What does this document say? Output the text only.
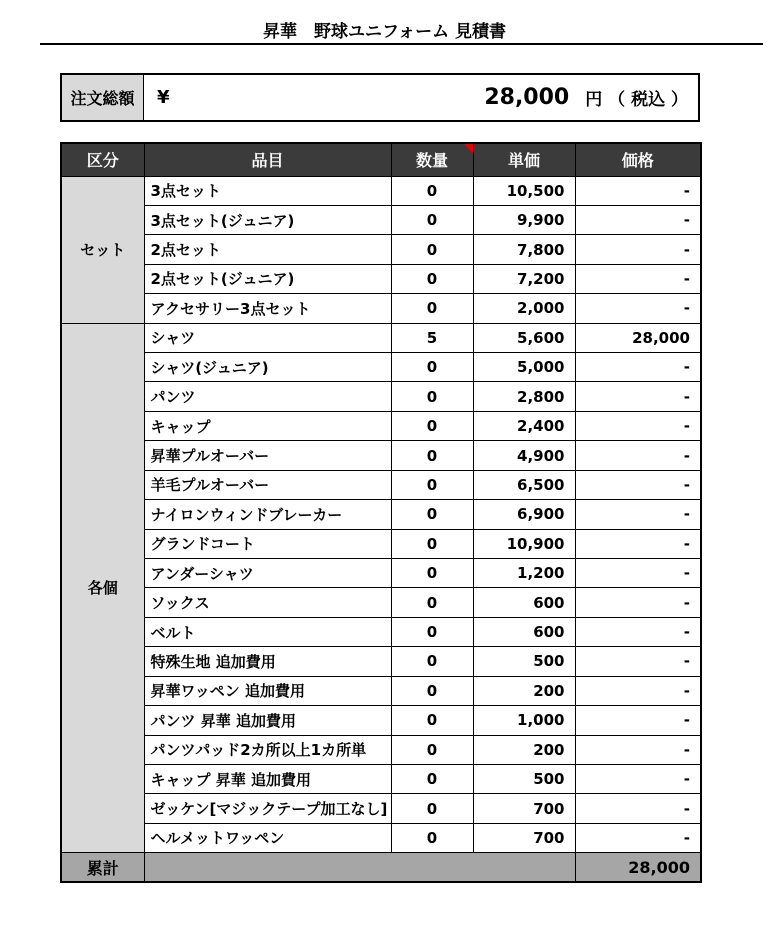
昇華　野球ユニフォーム 見積書
注文総額	¥	28,000 円 （ 税込 ）
区分	品目	数量	単価	価格
セット	3点セット	0	10,500	-
	3点セット(ジュニア)	0	9,900	-
	2点セット	0	7,800	-
	2点セット(ジュニア)	0	7,200	-
	アクセサリー3点セット	0	2,000	-
各個	シャツ	5	5,600	28,000
	シャツ(ジュニア)	0	5,000	-
	パンツ	0	2,800	-
	キャップ	0	2,400	-
	昇華プルオーバー	0	4,900	-
	羊毛プルオーバー	0	6,500	-
	ナイロンウィンドブレーカー	0	6,900	-
	グランドコート	0	10,900	-
	アンダーシャツ	0	1,200	-
	ソックス	0	600	-
	ベルト	0	600	-
	特殊生地 追加費用	0	500	-
	昇華ワッペン 追加費用	0	200	-
	パンツ 昇華 追加費用	0	1,000	-
	パンツパッド2カ所以上1カ所単	0	200	-
	キャップ 昇華 追加費用	0	500	-
	ゼッケン[マジックテープ加工なし]	0	700	-
	ヘルメットワッペン	0	700	-
累計				28,000
